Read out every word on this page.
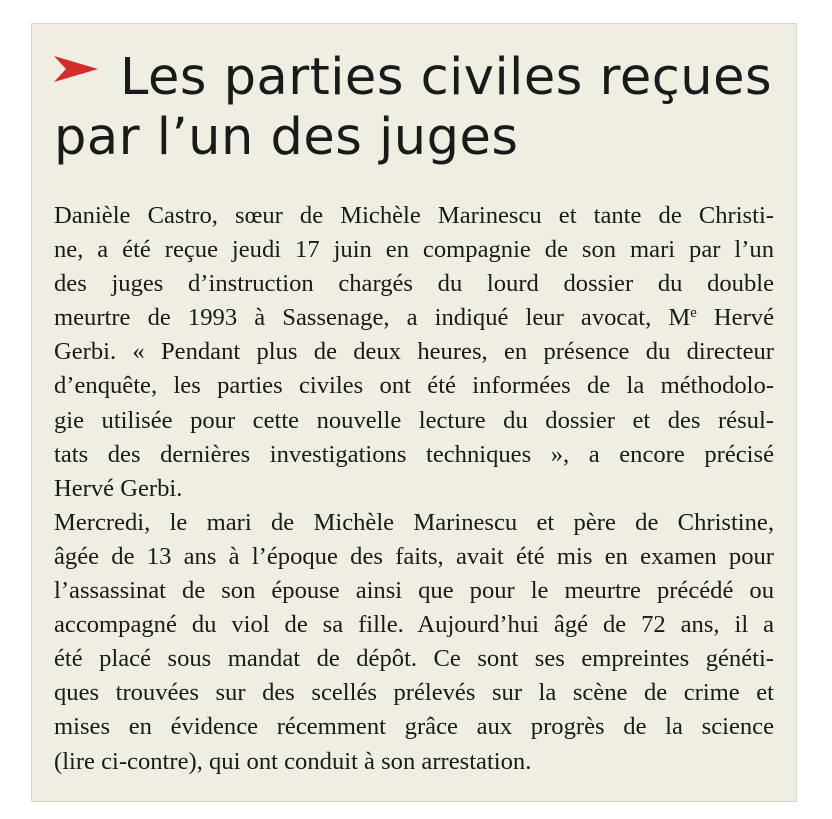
Les parties civiles reçues
par l’un des juges

Danièle Castro, sœur de Michèle Marinescu et tante de Christi-
ne, a été reçue jeudi 17 juin en compagnie de son mari par l’un
des juges d’instruction chargés du lourd dossier du double
meurtre de 1993 à Sassenage, a indiqué leur avocat, Me Hervé
Gerbi. « Pendant plus de deux heures, en présence du directeur
d’enquête, les parties civiles ont été informées de la méthodolo-
gie utilisée pour cette nouvelle lecture du dossier et des résul-
tats des dernières investigations techniques », a encore précisé
Hervé Gerbi.

Mercredi, le mari de Michèle Marinescu et père de Christine,
âgée de 13 ans à l’époque des faits, avait été mis en examen pour
l’assassinat de son épouse ainsi que pour le meurtre précédé ou
accompagné du viol de sa fille. Aujourd’hui âgé de 72 ans, il a
été placé sous mandat de dépôt. Ce sont ses empreintes généti-
ques trouvées sur des scellés prélevés sur la scène de crime et
mises en évidence récemment grâce aux progrès de la science
(lire ci-contre), qui ont conduit à son arrestation.
